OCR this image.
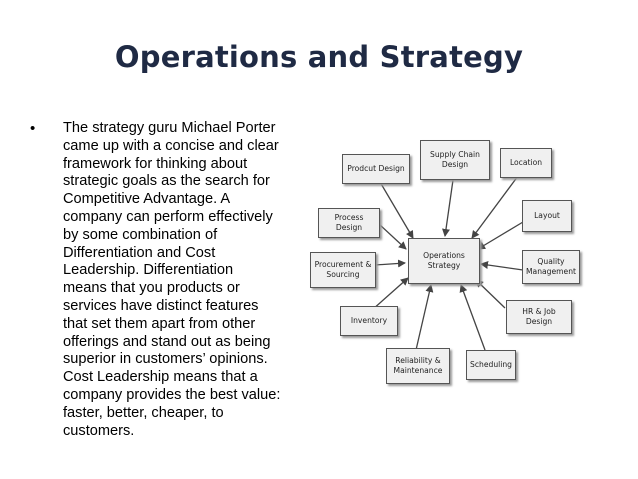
Operations and Strategy
• The strategy guru Michael Porter
came up with a concise and clear
framework for thinking about
strategic goals as the search for
Competitive Advantage. A
company can perform effectively
by some combination of
Differentiation and Cost
Leadership. Differentiation
means that you products or
services have distinct features
that set them apart from other
offerings and stand out as being
superior in customers’ opinions.
Cost Leadership means that a
company provides the best value:
faster, better, cheaper, to
customers.
Operations
Strategy
Prodcut Design
Supply Chain
Design	Location
Layout
Quality
Management
HR & Job Design
Scheduling
Reliability &
Maintenance
Inventory
Procurement &
Sourcing
Process Design
